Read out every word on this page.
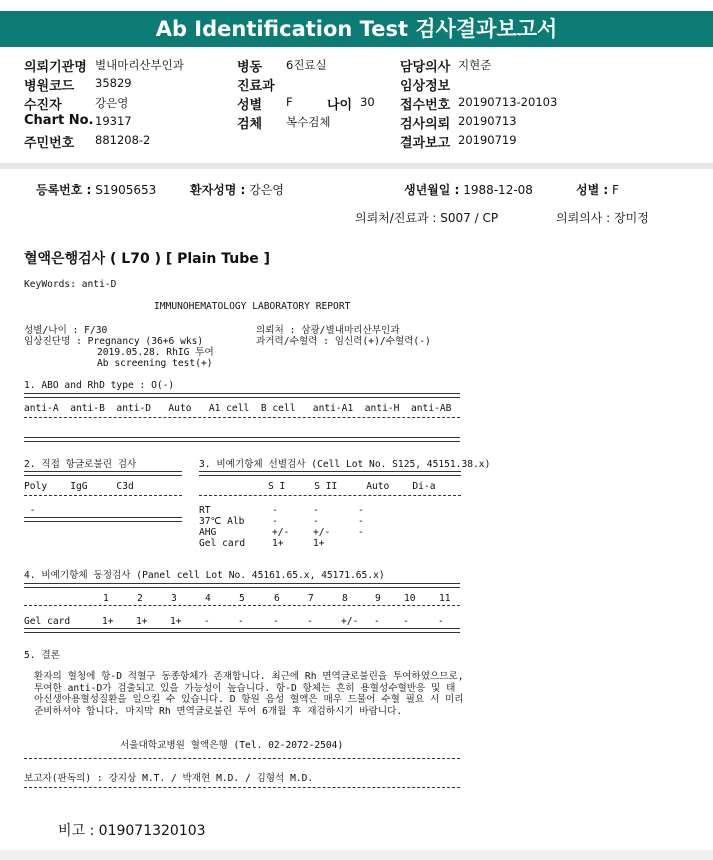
Ab Identification Test 검사결과보고서
의뢰기관명 별내마리산부인과
병원코드 35829
수진자	강은영
Chart No. 19317
주민번호 881208-2
병동 6진료실
진료과
성별 F	나이 30
검체 복수검체
담당의사 지현준
임상정보
접수번호 20190713-20103
검사의뢰 20190713
결과보고 20190719
등록번호 : S1905653	환자성명 : 강은영	생년월일 : 1988-12-08	성별 : F
의뢰처/진료과 : S007 / CP	의뢰의사 : 장미정
혈액은행검사 ( L70 ) [ Plain Tube ]
KeyWords: anti-D
IMMUNOHEMATOLOGY LABORATORY REPORT
성별/나이 : F/30
임상진단명 : Pregnancy (36+6 wks)
2019.05.28. RhIG 투여
Ab screening test(+)
의뢰처 : 삼광/별내마리산부인과
과거력/수혈력 : 임신력(+)/수혈력(-)
1. ABO and RhD type : O(-)
anti-A  anti-B  anti-D   Auto   A1 cell  B cell   anti-A1  anti-H  anti-AB
2. 직접 항글로불린 검사
Poly    IgG     C3d
-
3. 비예기항체 선별검사 (Cell Lot No. S125, 45151.38.x)
S I     S II     Auto    Di-a
RT	-	-	-
37℃ Alb	-	-	-
AHG	+/- +/-	-
Gel card	1+	1+
4. 비예기항체 동정검사 (Panel cell Lot No. 45161.65.x, 45171.65.x)
1	2	3	4	5	6	7	8	9 10 11
Gel card	1+ 1+ 1+ -	-	-	-	+/- - -	-
5. 결론
환자의 혈청에 항-D 적혈구 동종항체가 존재합니다. 최근에 Rh 면역글로불린을 투여하였으므로, 투여한 anti-D가 검출되고 있을 가능성이 높습니다. 항-D 항체는 흔히 용혈성수혈반응 및 태아신생아용혈성질환을 일으킬 수 있습니다. D 항원 음성 혈액은 매우 드물어 수혈 필요 시 미리 준비하셔야 합니다. 마지막 Rh 면역글로불린 투여 6개월 후 재검하시기 바랍니다.
서울대학교병원 혈액은행 (Tel. 02-2072-2504)
보고자(판독의) : 강지상 M.T. / 박재현 M.D. / 김형석 M.D.
비고 : 019071320103
